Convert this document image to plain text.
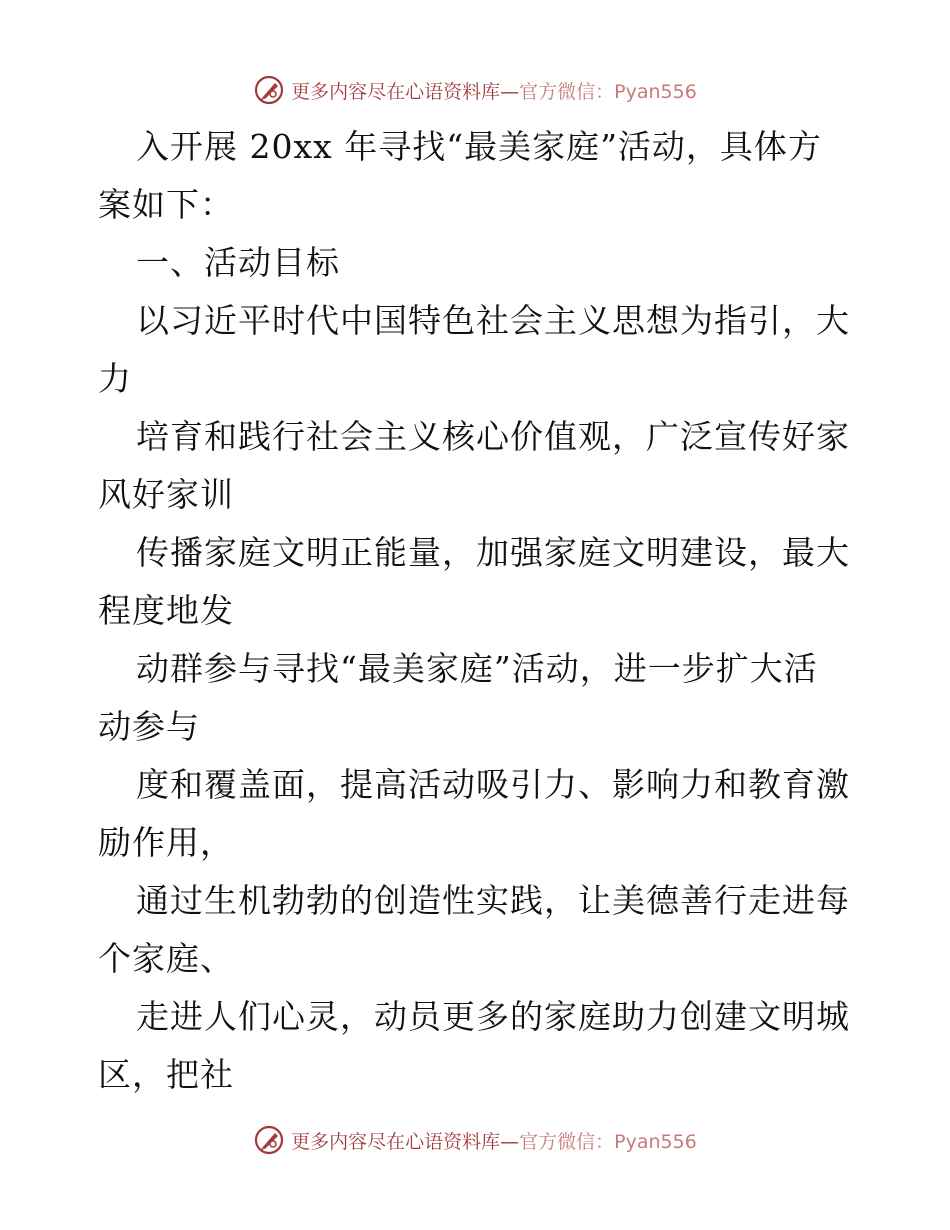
更多内容尽在心语资料库—官方微信：Pyan556
入开展 20xx 年寻找“最美家庭”活动，具体方
案如下：
一、活动目标
以习近平时代中国特色社会主义思想为指引，大
力
培育和践行社会主义核心价值观，广泛宣传好家
风好家训
传播家庭文明正能量，加强家庭文明建设，最大
程度地发
动群参与寻找“最美家庭”活动，进一步扩大活
动参与
度和覆盖面，提高活动吸引力、影响力和教育激
励作用，
通过生机勃勃的创造性实践，让美德善行走进每
个家庭、
走进人们心灵，动员更多的家庭助力创建文明城
区，把社
更多内容尽在心语资料库—官方微信：Pyan556
